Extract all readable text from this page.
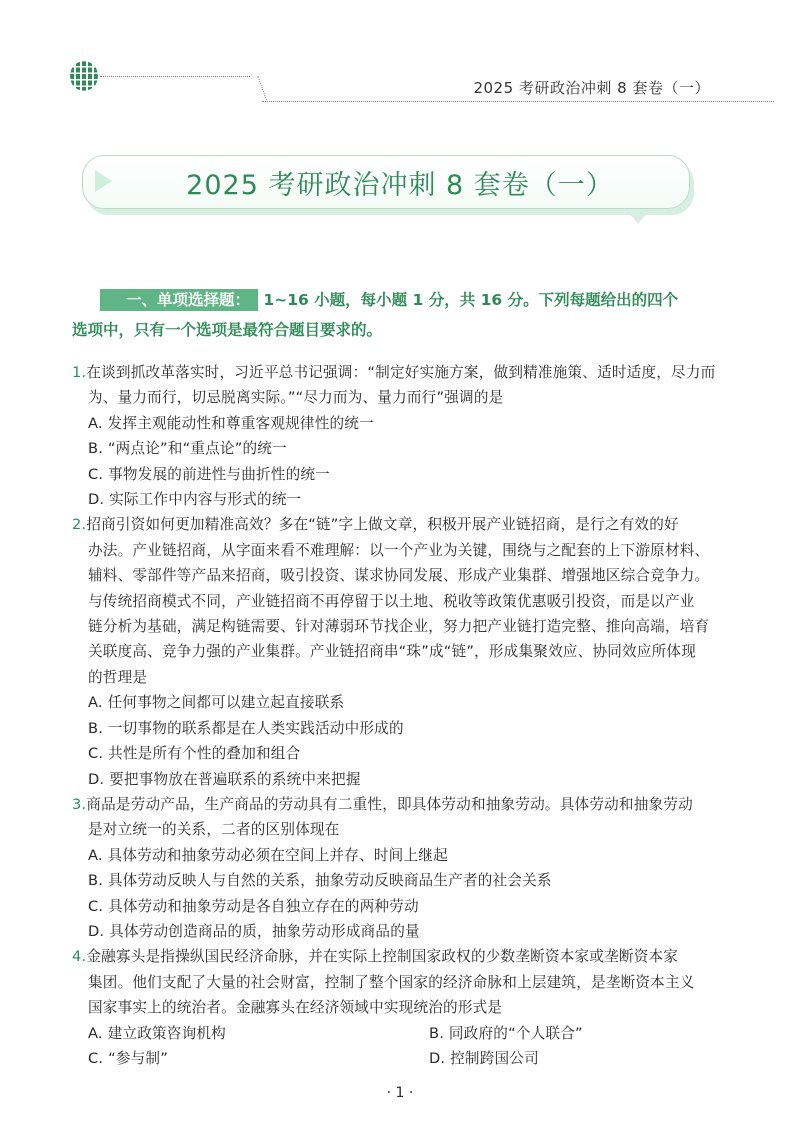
2025 考研政治冲刺 8 套卷（一）
2025 考研政治冲刺 8 套卷（一）
一、单项选择题： 1~16 小题，每小题 1 分，共 16 分。下列每题给出的四个
选项中，只有一个选项是最符合题目要求的。
1.在谈到抓改革落实时，习近平总书记强调：“制定好实施方案，做到精准施策、适时适度，尽力而
为、量力而行，切忌脱离实际。”“尽力而为、量力而行”强调的是
A. 发挥主观能动性和尊重客观规律性的统一
B. “两点论”和“重点论”的统一
C. 事物发展的前进性与曲折性的统一
D. 实际工作中内容与形式的统一
2.招商引资如何更加精准高效？多在“链”字上做文章，积极开展产业链招商，是行之有效的好
办法。产业链招商，从字面来看不难理解：以一个产业为关键，围绕与之配套的上下游原材料、
辅料、零部件等产品来招商，吸引投资、谋求协同发展、形成产业集群、增强地区综合竞争力。
与传统招商模式不同，产业链招商不再停留于以土地、税收等政策优惠吸引投资，而是以产业
链分析为基础，满足构链需要、针对薄弱环节找企业，努力把产业链打造完整、推向高端，培育
关联度高、竞争力强的产业集群。产业链招商串“珠”成“链”，形成集聚效应、协同效应所体现
的哲理是
A. 任何事物之间都可以建立起直接联系
B. 一切事物的联系都是在人类实践活动中形成的
C. 共性是所有个性的叠加和组合
D. 要把事物放在普遍联系的系统中来把握
3.商品是劳动产品，生产商品的劳动具有二重性，即具体劳动和抽象劳动。具体劳动和抽象劳动
是对立统一的关系，二者的区别体现在
A. 具体劳动和抽象劳动必须在空间上并存、时间上继起
B. 具体劳动反映人与自然的关系，抽象劳动反映商品生产者的社会关系
C. 具体劳动和抽象劳动是各自独立存在的两种劳动
D. 具体劳动创造商品的质，抽象劳动形成商品的量
4.金融寡头是指操纵国民经济命脉，并在实际上控制国家政权的少数垄断资本家或垄断资本家
集团。他们支配了大量的社会财富，控制了整个国家的经济命脉和上层建筑，是垄断资本主义
国家事实上的统治者。金融寡头在经济领域中实现统治的形式是
A. 建立政策咨询机构	B. 同政府的“个人联合”
C. “参与制”	D. 控制跨国公司
· 1 ·
